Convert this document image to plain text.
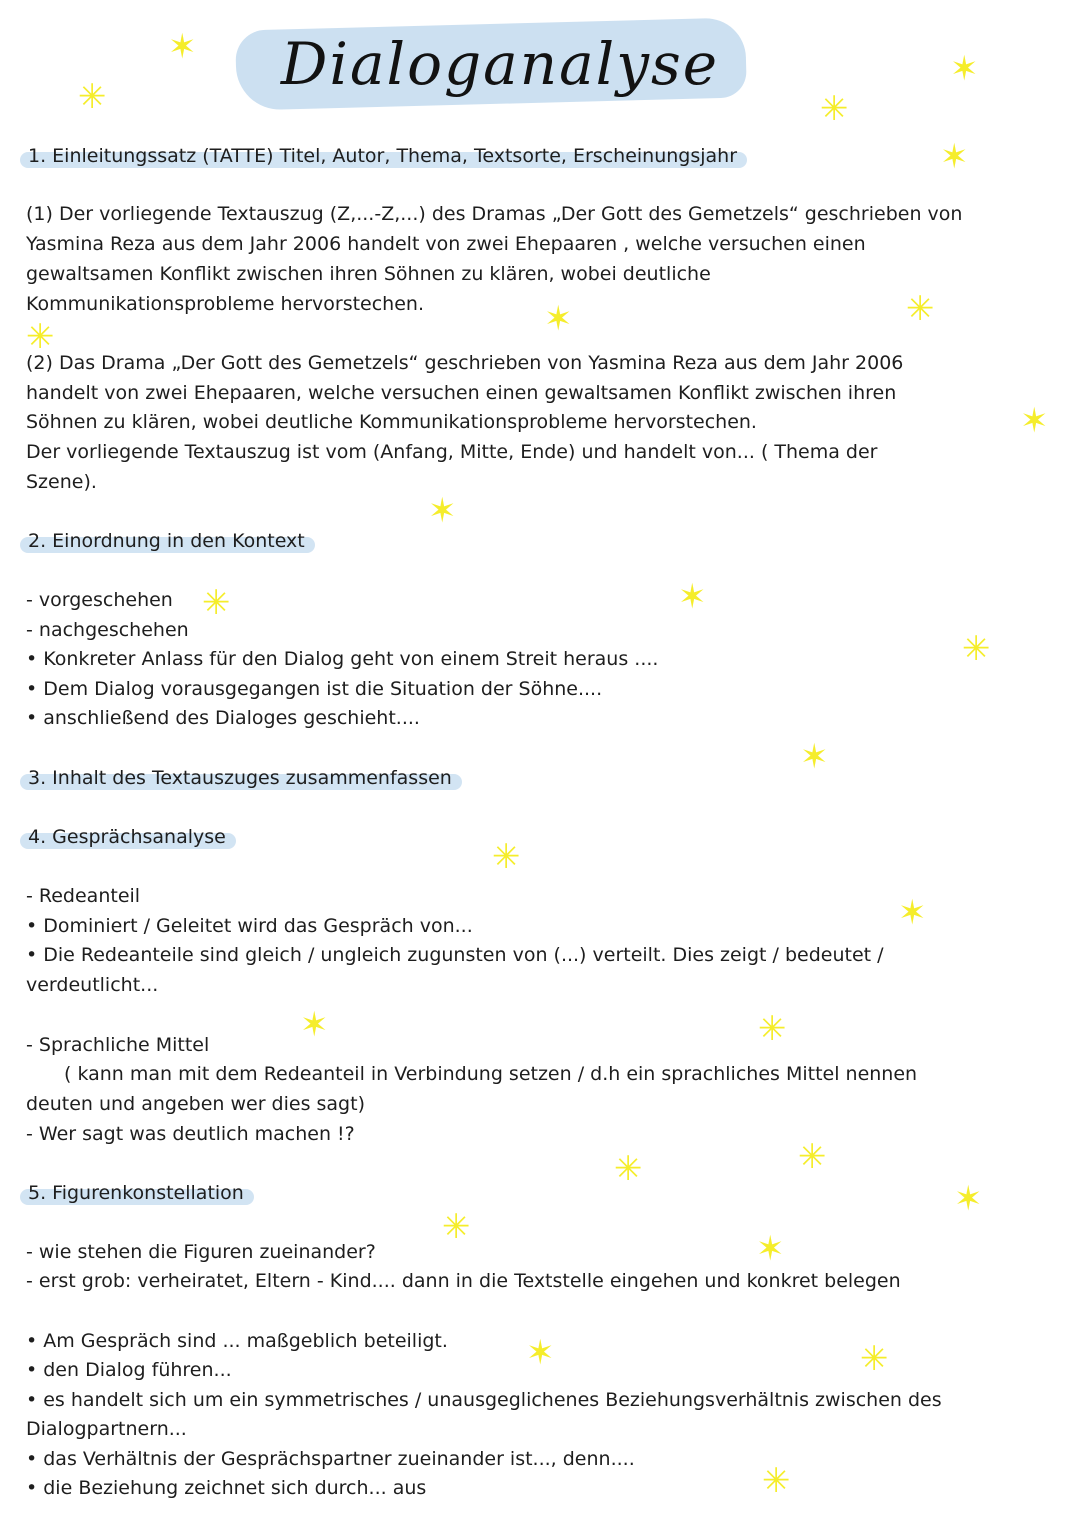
Dialoganalyse
✶
✳
✶
✳
✶
✳
✶
✳
✶
✶
✳	✶
✳
✶
✳
✶
✶	✳
✳	✳
✶
✳
✶
✶	✳
✳
1. Einleitungssatz (TATTE) Titel, Autor, Thema, Textsorte, Erscheinungsjahr
(1) Der vorliegende Textauszug (Z,...-Z,...) des Dramas „Der Gott des Gemetzels“ geschrieben von
Yasmina Reza aus dem Jahr 2006 handelt von zwei Ehepaaren , welche versuchen einen
gewaltsamen Konflikt zwischen ihren Söhnen zu klären, wobei deutliche
Kommunikationsprobleme hervorstechen.
(2) Das Drama „Der Gott des Gemetzels“ geschrieben von Yasmina Reza aus dem Jahr 2006
handelt von zwei Ehepaaren, welche versuchen einen gewaltsamen Konflikt zwischen ihren
Söhnen zu klären, wobei deutliche Kommunikationsprobleme hervorstechen.
Der vorliegende Textauszug ist vom (Anfang, Mitte, Ende) und handelt von... ( Thema der
Szene).
2. Einordnung in den Kontext
- vorgeschehen
- nachgeschehen
• Konkreter Anlass für den Dialog geht von einem Streit heraus ....
• Dem Dialog vorausgegangen ist die Situation der Söhne....
• anschließend des Dialoges geschieht....
3. Inhalt des Textauszuges zusammenfassen
4. Gesprächsanalyse
- Redeanteil
• Dominiert / Geleitet wird das Gespräch von...
• Die Redeanteile sind gleich / ungleich zugunsten von (...) verteilt. Dies zeigt / bedeutet /
verdeutlicht...
- Sprachliche Mittel
( kann man mit dem Redeanteil in Verbindung setzen / d.h ein sprachliches Mittel nennen
deuten und angeben wer dies sagt)
- Wer sagt was deutlich machen !?
5. Figurenkonstellation
- wie stehen die Figuren zueinander?
- erst grob: verheiratet, Eltern - Kind.... dann in die Textstelle eingehen und konkret belegen
• Am Gespräch sind ... maßgeblich beteiligt.
• den Dialog führen...
• es handelt sich um ein symmetrisches / unausgeglichenes Beziehungsverhältnis zwischen des
Dialogpartnern...
• das Verhältnis der Gesprächspartner zueinander ist..., denn....
• die Beziehung zeichnet sich durch... aus
